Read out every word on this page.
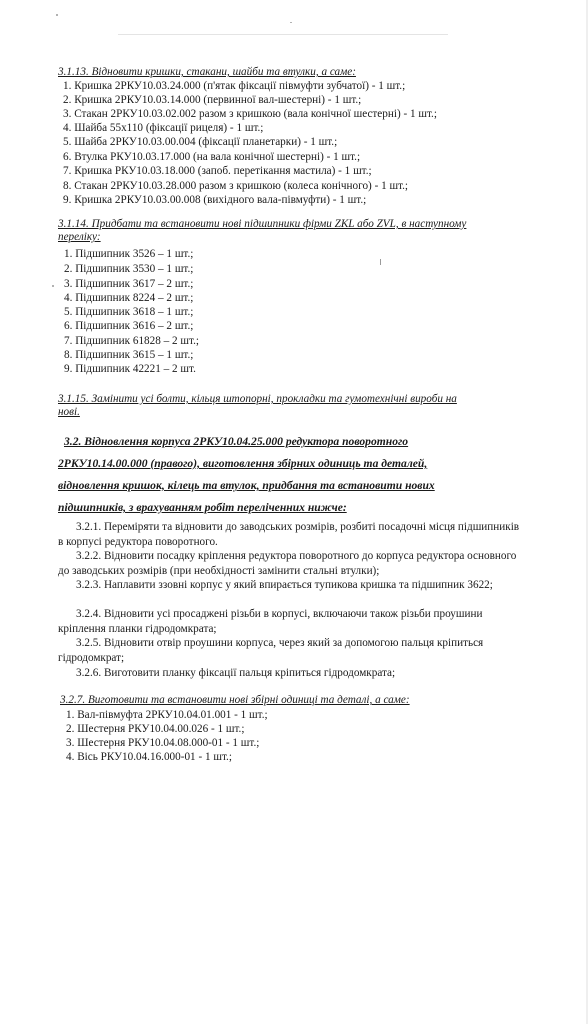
3.1.13. Відновити кришки, стакани, шайби та втулки, а саме:
1. Кришка 2РКУ10.03.24.000 (п'ятак фіксації півмуфти зубчатої) - 1 шт.;
2. Кришка 2РКУ10.03.14.000 (первинної вал-шестерні) - 1 шт.;
3. Стакан 2РКУ10.03.02.002 разом з кришкою (вала конічної шестерні) - 1 шт.;
4. Шайба 55х110 (фіксації рицеля) - 1 шт.;
5. Шайба 2РКУ10.03.00.004 (фіксації планетарки) - 1 шт.;
6. Втулка РКУ10.03.17.000 (на вала конічної шестерні) - 1 шт.;
7. Кришка РКУ10.03.18.000 (запоб. перетікання мастила) - 1 шт.;
8. Стакан 2РКУ10.03.28.000 разом з кришкою (колеса конічного) - 1 шт.;
9. Кришка 2РКУ10.03.00.008 (вихідного вала-півмуфти) - 1 шт.;
3.1.14. Придбати та встановити нові підшипники фірми ZKL або ZVL, в наступному
переліку:
1. Підшипник 3526 – 1 шт.;
2. Підшипник 3530 – 1 шт.;
3. Підшипник 3617 – 2 шт.;
4. Підшипник 8224 – 2 шт.;
5. Підшипник 3618 – 1 шт.;
6. Підшипник 3616 – 2 шт.;
7. Підшипник 61828 – 2 шт.;
8. Підшипник 3615 – 1 шт.;
9. Підшипник 42221 – 2 шт.
3.1.15. Замінити усі болти, кільця штопорні, прокладки та гумотехнічні вироби на
нові.
3.2. Відновлення корпуса 2РКУ10.04.25.000 редуктора поворотного
2РКУ10.14.00.000 (правого), виготовлення збірних одиниць та деталей,
відновлення кришок, кілець та втулок, придбання та встановити нових
підшипників, з врахуванням робіт переліченних нижче:
3.2.1. Переміряти та відновити до заводських розмірів, розбиті посадочні місця підшипників в корпусі редуктора поворотного.
3.2.2. Відновити посадку кріплення редуктора поворотного до корпуса редуктора основного до заводських розмірів (при необхідності замінити стальні втулки);
3.2.3. Наплавити ззовні корпус у який впирається тупикова кришка та підшипник 3622;
3.2.4. Відновити усі просаджені різьби в корпусі, включаючи також різьби проушини кріплення планки гідродомкрата;
3.2.5. Відновити отвір проушини корпуса, через який за допомогою пальця кріпиться гідродомкрат;
3.2.6. Виготовити планку фіксації пальця кріпиться гідродомкрата;
3.2.7. Виготовити та встановити нові збірні одиниці та деталі, а саме:
1. Вал-півмуфта 2РКУ10.04.01.001 - 1 шт.;
2. Шестерня РКУ10.04.00.026 - 1 шт.;
3. Шестерня РКУ10.04.08.000-01 - 1 шт.;
4. Вісь РКУ10.04.16.000-01 - 1 шт.;
